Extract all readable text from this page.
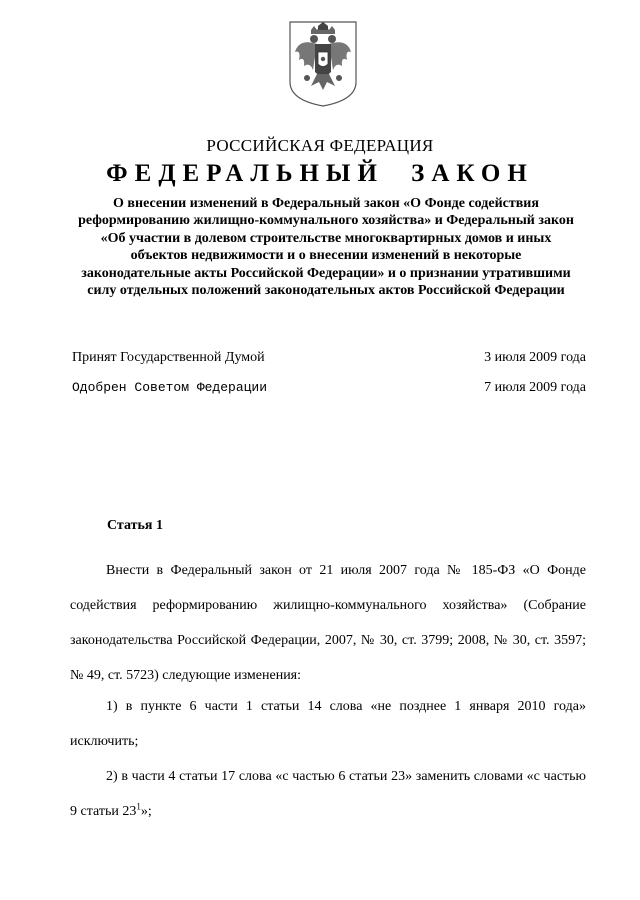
РОССИЙСКАЯ ФЕДЕРАЦИЯ
ФЕДЕРАЛЬНЫЙ ЗАКОН
О внесении изменений в Федеральный закон «О Фонде содействия реформированию жилищно-коммунального хозяйства» и Федеральный закон «Об участии в долевом строительстве многоквартирных домов и иных объектов недвижимости и о внесении изменений в некоторые законодательные акты Российской Федерации» и о признании утратившими силу отдельных положений законодательных актов Российской Федерации
Принят Государственной Думой	3 июля 2009 года
Одобрен Советом Федерации	7 июля 2009 года
Статья 1
Внести в Федеральный закон от 21 июля 2007 года № 185-ФЗ «О Фонде содействия реформированию жилищно-коммунального хозяйства» (Собрание законодательства Российской Федерации, 2007, № 30, ст. 3799; 2008, № 30, ст. 3597; № 49, ст. 5723) следующие изменения:
1) в пункте 6 части 1 статьи 14 слова «не позднее 1 января 2010 года» исключить;
2) в части 4 статьи 17 слова «с частью 6 статьи 23» заменить словами «с частью 9 статьи $23^1$»;
